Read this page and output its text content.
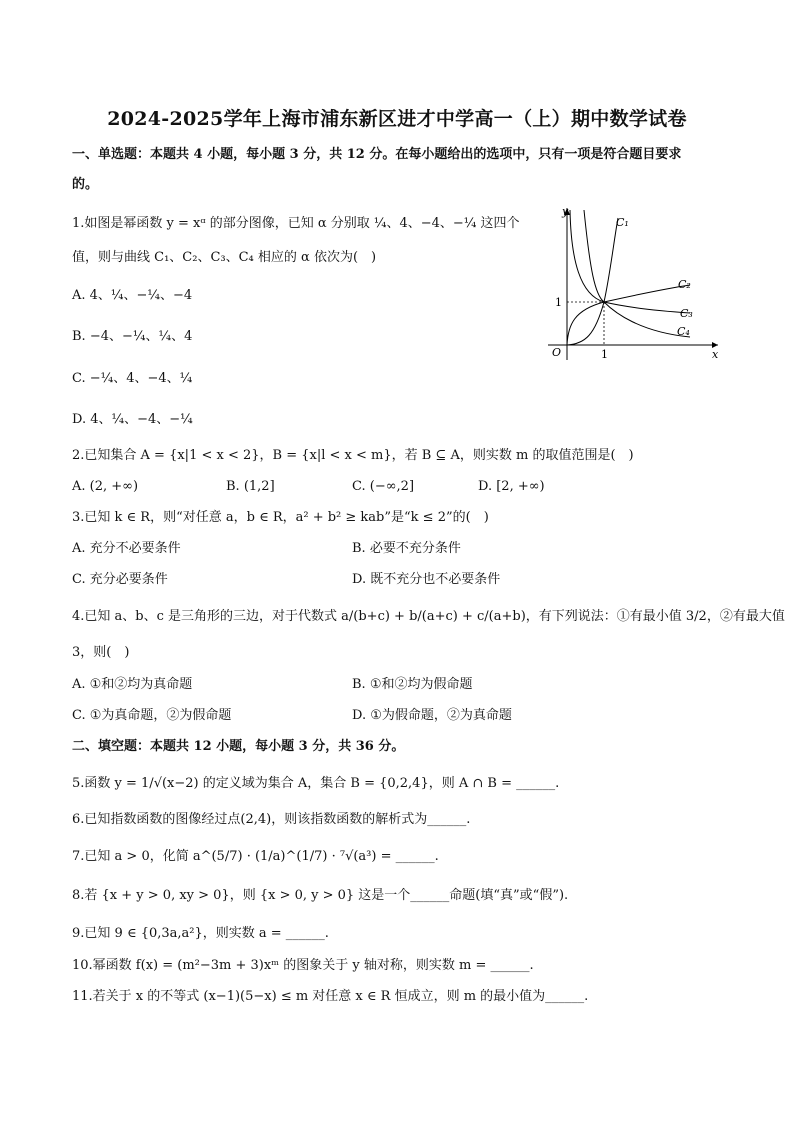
2024-2025学年上海市浦东新区进才中学高一（上）期中数学试卷
一、单选题：本题共 4 小题，每小题 3 分，共 12 分。在每小题给出的选项中，只有一项是符合题目要求
的。
1.如图是幂函数 y = xᵅ 的部分图像，已知 α 分别取 ¼、4、−4、−¼ 这四个
值，则与曲线 C₁、C₂、C₃、C₄ 相应的 α 依次为(　)
A. 4、¼、−¼、−4
B. −4、−¼、¼、4
C. −¼、4、−4、¼
D. 4、¼、−4、−¼
y
x
O	1
1
C₁
C₂
C₃
C₄
2.已知集合 A = {x|1 < x < 2}，B = {x|l < x < m}，若 B ⊆ A，则实数 m 的取值范围是(　)
A. (2, +∞)	B. (1,2]	C. (−∞,2]	D. [2, +∞)
3.已知 k ∈ R，则“对任意 a，b ∈ R，a² + b² ≥ kab”是“k ≤ 2”的(　)
A. 充分不必要条件	B. 必要不充分条件
C. 充分必要条件	D. 既不充分也不必要条件
4.已知 a、b、c 是三角形的三边，对于代数式 a/(b+c) + b/(a+c) + c/(a+b)，有下列说法：①有最小值 3/2，②有最大值
3，则(　)
A. ①和②均为真命题	B. ①和②均为假命题
C. ①为真命题，②为假命题	D. ①为假命题，②为真命题
二、填空题：本题共 12 小题，每小题 3 分，共 36 分。
5.函数 y = 1/√(x−2) 的定义域为集合 A，集合 B = {0,2,4}，则 A ∩ B = ______.
6.已知指数函数的图像经过点(2,4)，则该指数函数的解析式为______.
7.已知 a > 0，化简 a^(5/7) · (1/a)^(1/7) · ⁷√(a³) = ______.
8.若 {x + y > 0, xy > 0}，则 {x > 0, y > 0} 这是一个______命题(填“真”或“假”).
9.已知 9 ∈ {0,3a,a²}，则实数 a = ______.
10.幂函数 f(x) = (m²−3m + 3)xᵐ 的图象关于 y 轴对称，则实数 m = ______.
11.若关于 x 的不等式 (x−1)(5−x) ≤ m 对任意 x ∈ R 恒成立，则 m 的最小值为______.
